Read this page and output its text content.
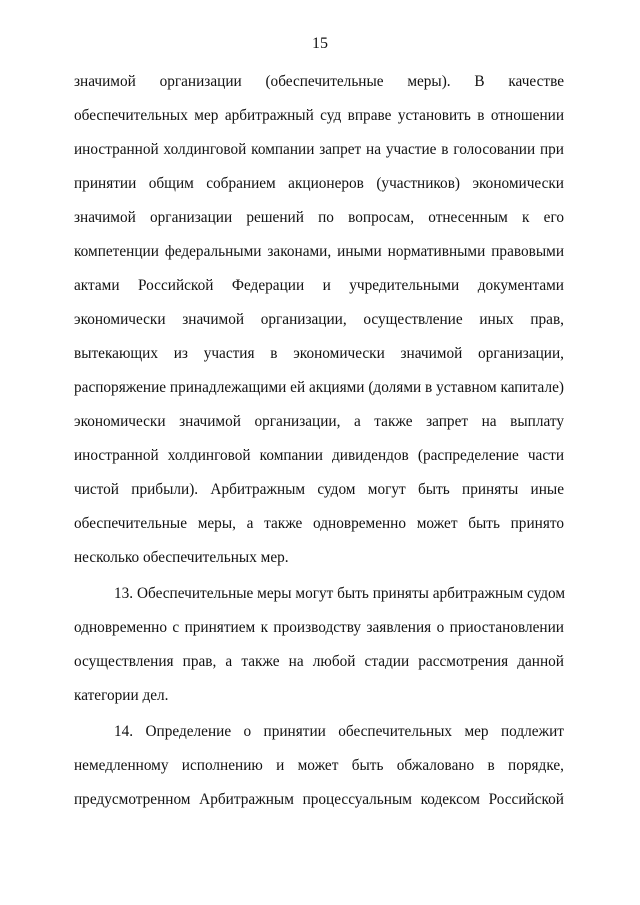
15
значимой организации (обеспечительные меры). В качестве
обеспечительных мер арбитражный суд вправе установить в отношении
иностранной холдинговой компании запрет на участие в голосовании при
принятии общим собранием акционеров (участников) экономически
значимой организации решений по вопросам, отнесенным к его
компетенции федеральными законами, иными нормативными правовыми
актами Российской Федерации и учредительными документами
экономически значимой организации, осуществление иных прав,
вытекающих из участия в экономически значимой организации,
распоряжение принадлежащими ей акциями (долями в уставном капитале)
экономически значимой организации, а также запрет на выплату
иностранной холдинговой компании дивидендов (распределение части
чистой прибыли). Арбитражным судом могут быть приняты иные
обеспечительные меры, а также одновременно может быть принято
несколько обеспечительных мер.
13. Обеспечительные меры могут быть приняты арбитражным судом
одновременно с принятием к производству заявления о приостановлении
осуществления прав, а также на любой стадии рассмотрения данной
категории дел.
14. Определение о принятии обеспечительных мер подлежит
немедленному исполнению и может быть обжаловано в порядке,
предусмотренном Арбитражным процессуальным кодексом Российской
